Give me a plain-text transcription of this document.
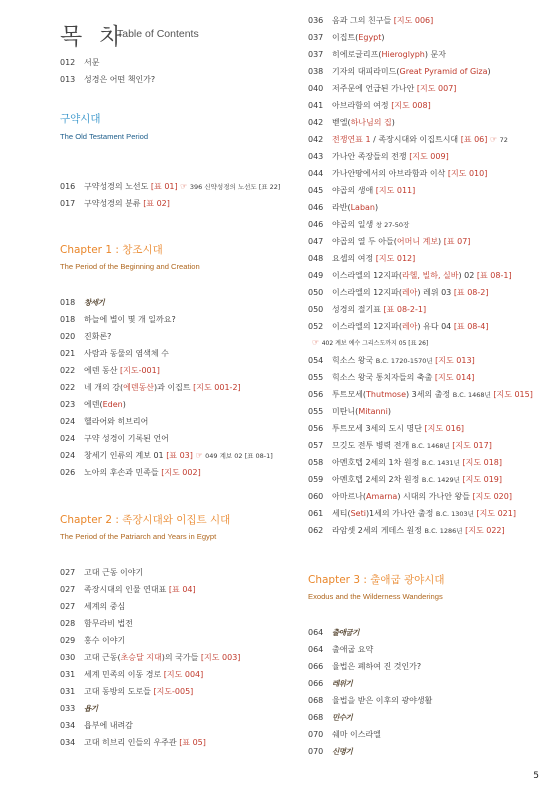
목 차
Table of Contents
012 서문
013 성경은 어떤 책인가?
구약시대
The Old Testament Period
016 구약성경의 노선도 [표 01] ☞ 396 신약성경의 노선도 [표 22]
017 구약성경의 분류 [표 02]
Chapter 1 : 창조시대
The Period of the Beginning and Creation
018 창세기
018 하늘에 별이 몇 개 일까요?
020 진화론?
021 사람과 동물의 염색체 수
022 에덴 동산 [지도-001]
022 네 개의 강(에덴동산)과 이집트 [지도 001-2]
023 에덴(Eden)
024 헬라어와 히브리어
024 구약 성경이 기록된 언어
024 창세기 인류의 계보 01 [표 03] ☞ 049 계보 02 [표 08-1]
026 노아의 후손과 민족들 [지도 002]
Chapter 2 : 족장시대와 이집트 시대
The Period of the Patriarch and Years in Egypt
027 고대 근동 이야기
027 족장시대의 인물 연대표 [표 04]
027 세계의 중심
028 함무라비 법전
029 홍수 이야기
030 고대 근동(초승달 지대)의 국가들 [지도 003]
031 세계 민족의 이동 경로 [지도 004]
031 고대 동방의 도로들 [지도-005]
033 욥기
034 욥부에 내려감
034 고대 히브리 인들의 우주관 [표 05]
036 음과 그의 친구들 [지도 006]
037 이집트(Egypt)
037 히에로글리프(Hieroglyph) 문자
038 기자의 대피라미드(Great Pyramid of Giza)
040 저주문에 언급된 가나안 [지도 007]
041 아브라함의 여정 [지도 008]
042 벧엘(하나님의 집)
042 전쟁연표 1 / 족장시대와 이집트시대 [표 06] ☞ 72
043 가나안 족장들의 전쟁 [지도 009]
044 가나안땅에서의 아브라함과 이삭 [지도 010]
045 야곱의 생애 [지도 011]
046 라반(Laban)
046 야곱의 일생 창 27-50장
047 야곱의 열 두 아들(어머니 계보) [표 07]
048 요셉의 여정 [지도 012]
049 이스라엘의 12지파(라헬, 빌하, 실바) 02 [표 08-1]
050 이스라엘의 12지파(레아) 레위 03 [표 08-2]
050 성경의 절기표 [표 08-2-1]
052 이스라엘의 12지파(레아) 유다 04 [표 08-4]
☞ 402 계보 예수 그리스도까지 05 [표 26]
054 힉소스 왕국 B.C. 1720-1570년 [지도 013]
055 힉소스 왕국 통치자들의 축출 [지도 014]
056 투트모세(Thutmose) 3세의 출정 B.C. 1468년 [지도 015]
055 미탄니(Mitanni)
056 투트모세 3세의 도시 명단 [지도 016]
057 므깃도 전투 병력 전개 B.C. 1468년 [지도 017]
058 아멘호텝 2세의 1차 원정 B.C. 1431년 [지도 018]
059 아멘호텝 2세의 2차 원정 B.C. 1429년 [지도 019]
060 아마르나(Amarna) 시대의 가나안 왕들 [지도 020]
061 세티(Seti)1세의 가나안 출정 B.C. 1303년 [지도 021]
062 라암셋 2세의 게데스 원정 B.C. 1286년 [지도 022]
Chapter 3 : 출애굽 광야시대
Exodus and the Wilderness Wanderings
064 출애굽기
064 출애굽 요약
066 율법은 폐하여 진 것인가?
066 레위기
068 율법을 받은 이후의 광야생활
068 민수기
070 쉐마 이스라엘
070 신명기
5
